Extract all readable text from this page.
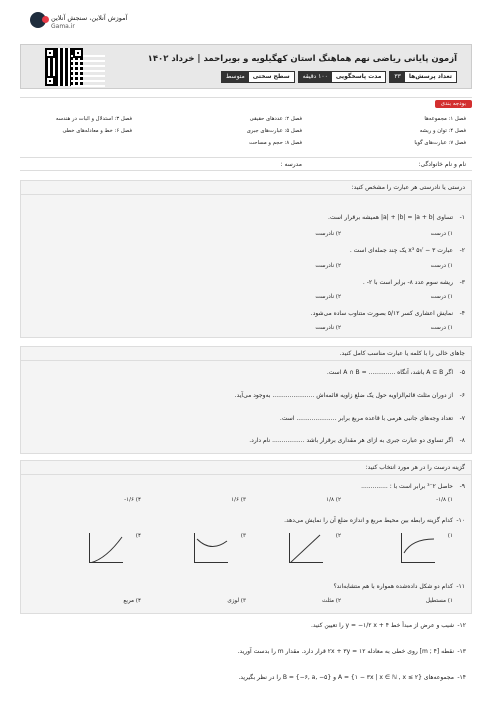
آموزش آنلاین، سنجش آنلاین
Gama.ir
آزمون پایانی ریاضی نهم هماهنگ استان کهگیلویه و بویراحمد | خرداد ۱۴۰۲
تعداد پرسش‌ها
۳۳
مدت پاسخگویی
۱۰۰ دقیقه
سطح سختی
متوسط
بودجه بندی
فصل ۱: مجموعه‌ها
فصل ۲: عددهای حقیقی
فصل ۳: استدلال و اثبات در هندسه
فصل ۴: توان و ریشه
فصل ۵: عبارت‌های جبری
فصل ۶: خط و معادله‌های خطی
فصل ۷: عبارت‌های گویا
فصل ۸: حجم و مساحت
نام و نام خانوادگی:
مدرسه :
درستی یا نادرستی هر عبارت را مشخص کنید:
۱-
تساوی |a| + |b| = |a + b| همیشه برقرار است.
۱) درست
۲) نادرست
۲-
عبارت ۳ − √۵ x³ یک چند جمله‌ای است .
۱) درست
۲) نادرست
۳-
ریشه سوم عدد ۸- برابر است با ۲- .
۱) درست
۲) نادرست
۴-
نمایش اعشاری کسر ۵/۱۲ بصورت متناوب ساده می‌شود.
۱) درست
۲) نادرست
جاهای خالی را با کلمه یا عبارت مناسب کامل کنید.
۵-
اگر A ⊆ B باشد، آنگاه .............. = A ∩ B است.
۶-
از دوران مثلث قائم‌الزاویه حول یک ضلع زاویه قائمه‌اش ...................... به‌وجود می‌آید.
۷-
تعداد وجه‌های جانبی هرمی با قاعده مربع برابر ..................... است.
۸-
اگر تساوی دو عبارت جبری به ازای هر مقداری برقرار باشد ................. نام دارد.
گزینه درست را در هر مورد انتخاب کنید:
۹-
حاصل ۲⁻³ برابر است با : ..............
۱) ۱/۸-
۲) ۱/۸
۳) ۱/۶
۴) ۱/۶-
۱۰-
کدام گزینه رابطه بین محیط مربع و اندازه ضلع آن را نمایش می‌دهد.
۱)
۲)
۳)
۴)
۱۱-
کدام دو شکل داده‌شده همواره با هم متشابه‌اند؟
۱) مستطیل
۲) مثلث
۳) لوزی
۴) مربع
۱۲-
شیب و عرض از مبدأ خط y = −۱/۲ x + ۴ را تعیین کنید.
۱۳-
نقطه [m ; ۴] روی خطی به معادله ۱۲ = ۲x + ۳y قرار دارد. مقدار m را بدست آورید.
۱۴-
مجموعه‌های A = {۱ − ۳x | x ∈ ℕ , x ≤ ۲} و B = {−۶, a, −۵} را در نظر بگیرید.
